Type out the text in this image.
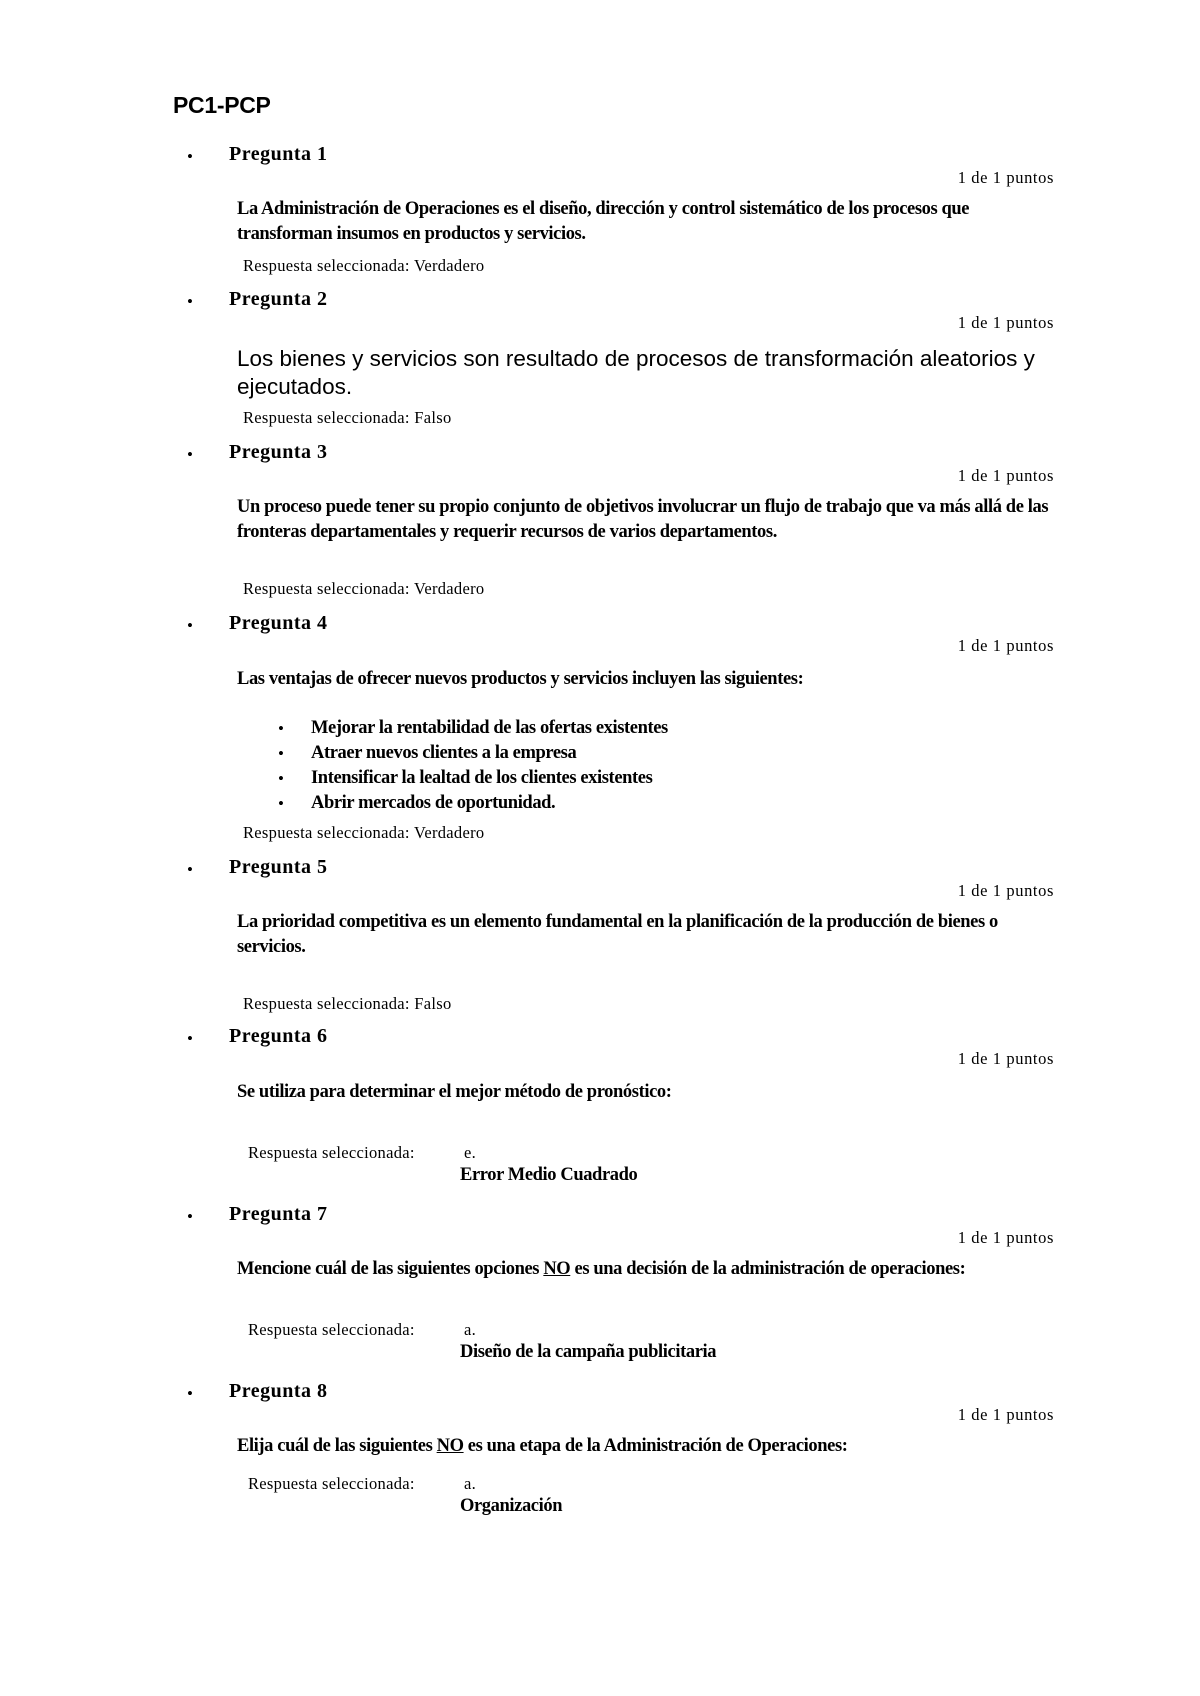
PC1-PCP
• Pregunta 1
1 de 1 puntos

La Administración de Operaciones es el diseño, dirección y control sistemático de los procesos que transforman insumos en productos y servicios.

Respuesta seleccionada: Verdadero
• Pregunta 2
1 de 1 puntos

Los bienes y servicios son resultado de procesos de transformación aleatorios y ejecutados.

Respuesta seleccionada: Falso
• Pregunta 3
1 de 1 puntos

Un proceso puede tener su propio conjunto de objetivos involucrar un flujo de trabajo que va más allá de las fronteras departamentales y requerir recursos de varios departamentos.

Respuesta seleccionada: Verdadero
• Pregunta 4
1 de 1 puntos

Las ventajas de ofrecer nuevos productos y servicios incluyen las siguientes:

• Mejorar la rentabilidad de las ofertas existentes
• Atraer nuevos clientes a la empresa
• Intensificar la lealtad de los clientes existentes
• Abrir mercados de oportunidad.
Respuesta seleccionada: Verdadero
• Pregunta 5
1 de 1 puntos

La prioridad competitiva es un elemento fundamental en la planificación de la producción de bienes o servicios.

Respuesta seleccionada: Falso
• Pregunta 6
1 de 1 puntos

Se utiliza para determinar el mejor método de pronóstico:

Respuesta seleccionada:	e.
Error Medio Cuadrado
• Pregunta 7
1 de 1 puntos

Mencione cuál de las siguientes opciones NO es una decisión de la administración de operaciones:

Respuesta seleccionada:	a.
Diseño de la campaña publicitaria
• Pregunta 8
1 de 1 puntos

Elija cuál de las siguientes NO es una etapa de la Administración de Operaciones:

Respuesta seleccionada:	a.
Organización
